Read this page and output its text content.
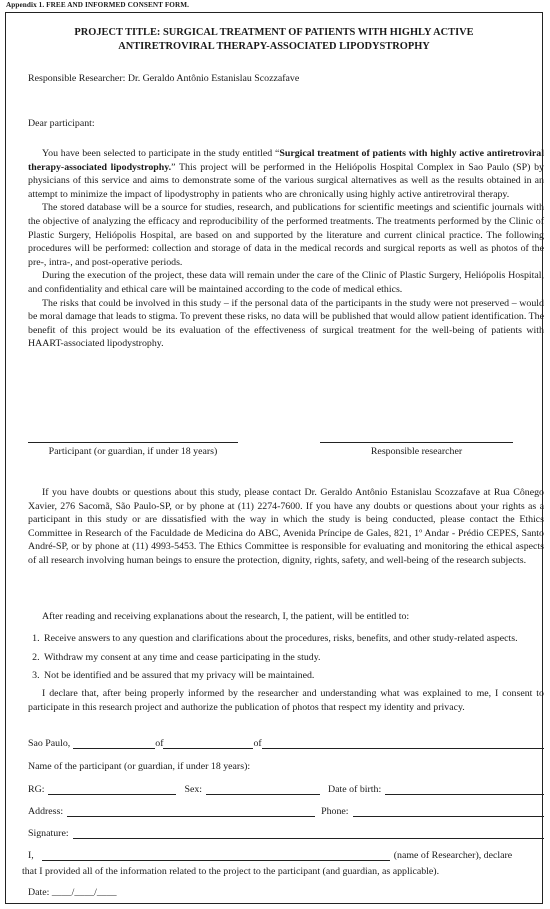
Appendix 1. FREE AND INFORMED CONSENT FORM.
PROJECT TITLE: SURGICAL TREATMENT OF PATIENTS WITH HIGHLY ACTIVE
ANTIRETROVIRAL THERAPY-ASSOCIATED LIPODYSTROPHY
Responsible Researcher: Dr. Geraldo Antônio Estanislau Scozzafave
Dear participant:

You have been selected to participate in the study entitled “Surgical treatment of patients with highly active antiretroviral therapy-associated lipodystrophy.” This project will be performed in the Heliópolis Hospital Complex in Sao Paulo (SP) by physicians of this service and aims to demonstrate some of the various surgical alternatives as well as the results obtained in an attempt to minimize the impact of lipodystrophy in patients who are chronically using highly active antiretroviral therapy.

The stored database will be a source for studies, research, and publications for scientific meetings and scientific journals with the objective of analyzing the efficacy and reproducibility of the performed treatments. The treatments performed by the Clinic of Plastic Surgery, Heliópolis Hospital, are based on and supported by the literature and current clinical practice. The following procedures will be performed: collection and storage of data in the medical records and surgical reports as well as photos of the pre-, intra-, and post-operative periods.

During the execution of the project, these data will remain under the care of the Clinic of Plastic Surgery, Heliópolis Hospital, and confidentiality and ethical care will be maintained according to the code of medical ethics.

The risks that could be involved in this study – if the personal data of the participants in the study were not preserved – would be moral damage that leads to stigma. To prevent these risks, no data will be published that would allow patient identification. The benefit of this project would be its evaluation of the effectiveness of surgical treatment for the well-being of patients with HAART-associated lipodystrophy.

Participant (or guardian, if under 18 years)	Responsible researcher

If you have doubts or questions about this study, please contact Dr. Geraldo Antônio Estanislau Scozzafave at Rua Cônego Xavier, 276 Sacomã, São Paulo-SP, or by phone at (11) 2274-7600. If you have any doubts or questions about your rights as a participant in this study or are dissatisfied with the way in which the study is being conducted, please contact the Ethics Committee in Research of the Faculdade de Medicina do ABC, Avenida Príncipe de Gales, 821, 1º Andar - Prédio CEPES, Santo André-SP, or by phone at (11) 4993-5453. The Ethics Committee is responsible for evaluating and monitoring the ethical aspects of all research involving human beings to ensure the protection, dignity, rights, safety, and well-being of the research subjects.

After reading and receiving explanations about the research, I, the patient, will be entitled to:

1. Receive answers to any question and clarifications about the procedures, risks, benefits, and other study-related aspects.
2. Withdraw my consent at any time and cease participating in the study.
3. Not be identified and be assured that my privacy will be maintained.

I declare that, after being properly informed by the researcher and understanding what was explained to me, I consent to participate in this research project and authorize the publication of photos that respect my identity and privacy.

Sao Paulo,	of	of
Name of the participant (or guardian, if under 18 years):
RG:	Sex:	Date of birth:
Address:	Phone:
Signature:
I,	(name of Researcher), declare
that I provided all of the information related to the project to the participant (and guardian, as applicable).
Date: ____/____/____
